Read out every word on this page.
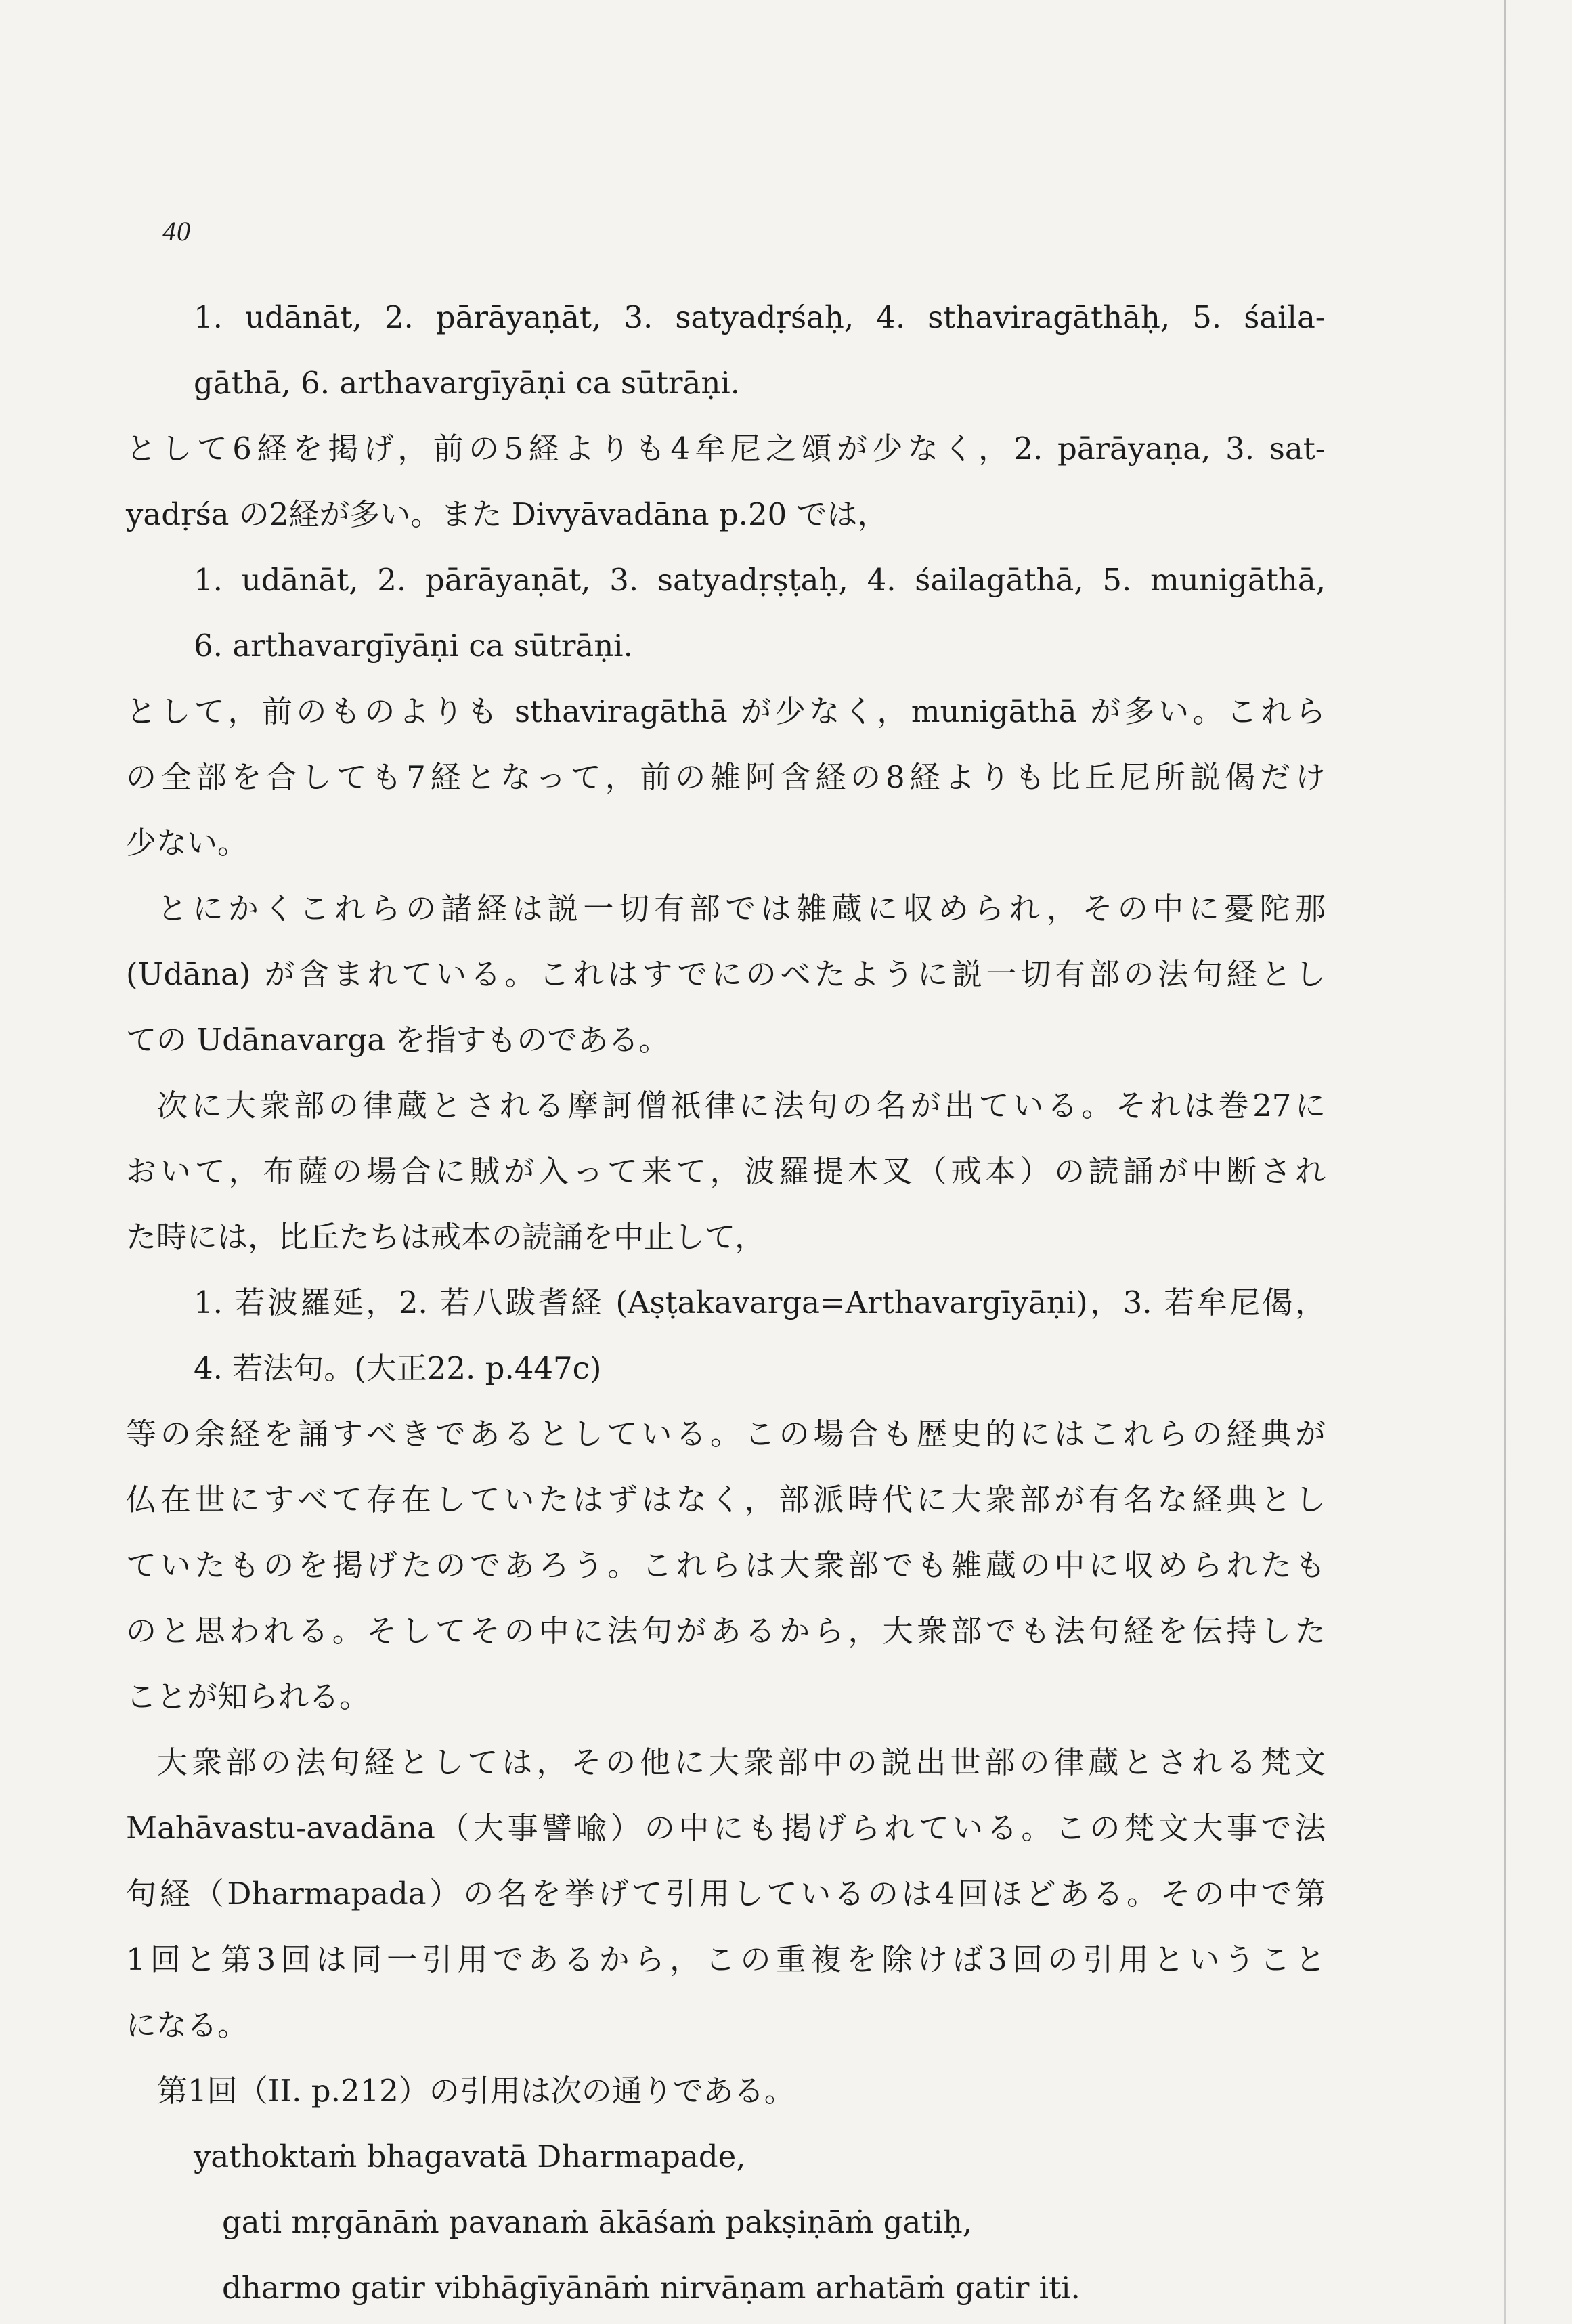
40
1. udānāt, 2. pārāyaṇāt, 3. satyadṛśaḥ, 4. sthaviragāthāḥ, 5. śaila-
gāthā, 6. arthavargīyāṇi ca sūtrāṇi.
として6経を掲げ，前の5経よりも4牟尼之頌が少なく，2. pārāyaṇa, 3. sat-
yadṛśa の2経が多い。また Divyāvadāna p.20 では，
1. udānāt, 2. pārāyaṇāt, 3. satyadṛṣṭaḥ, 4. śailagāthā, 5. munigāthā,
6. arthavargīyāṇi ca sūtrāṇi.
として，前のものよりも sthaviragāthā が少なく，munigāthā が多い。これら
の全部を合しても7経となって，前の雑阿含経の8経よりも比丘尼所説偈だけ
少ない。
とにかくこれらの諸経は説一切有部では雑蔵に収められ，その中に憂陀那
(Udāna) が含まれている。これはすでにのべたように説一切有部の法句経とし
ての Udānavarga を指すものである。
次に大衆部の律蔵とされる摩訶僧祇律に法句の名が出ている。それは巻27に
おいて，布薩の場合に賊が入って来て，波羅提木叉（戒本）の読誦が中断され
た時には，比丘たちは戒本の読誦を中止して，
1. 若波羅延，2. 若八跋耆経 (Aṣṭakavarga=Arthavargīyāṇi)，3. 若牟尼偈，
4. 若法句。(大正22. p.447c)
等の余経を誦すべきであるとしている。この場合も歴史的にはこれらの経典が
仏在世にすべて存在していたはずはなく，部派時代に大衆部が有名な経典とし
ていたものを掲げたのであろう。これらは大衆部でも雑蔵の中に収められたも
のと思われる。そしてその中に法句があるから，大衆部でも法句経を伝持した
ことが知られる。
大衆部の法句経としては，その他に大衆部中の説出世部の律蔵とされる梵文
Mahāvastu-avadāna（大事譬喩）の中にも掲げられている。この梵文大事で法
句経（Dharmapada）の名を挙げて引用しているのは4回ほどある。その中で第
1回と第3回は同一引用であるから，この重複を除けば3回の引用ということ
になる。
第1回（II. p.212）の引用は次の通りである。
yathoktaṁ bhagavatā Dharmapade,
gati mṛgānāṁ pavanaṁ ākāśaṁ pakṣiṇāṁ gatiḥ,
dharmo gatir vibhāgīyānāṁ nirvāṇam arhatāṁ gatir iti.
